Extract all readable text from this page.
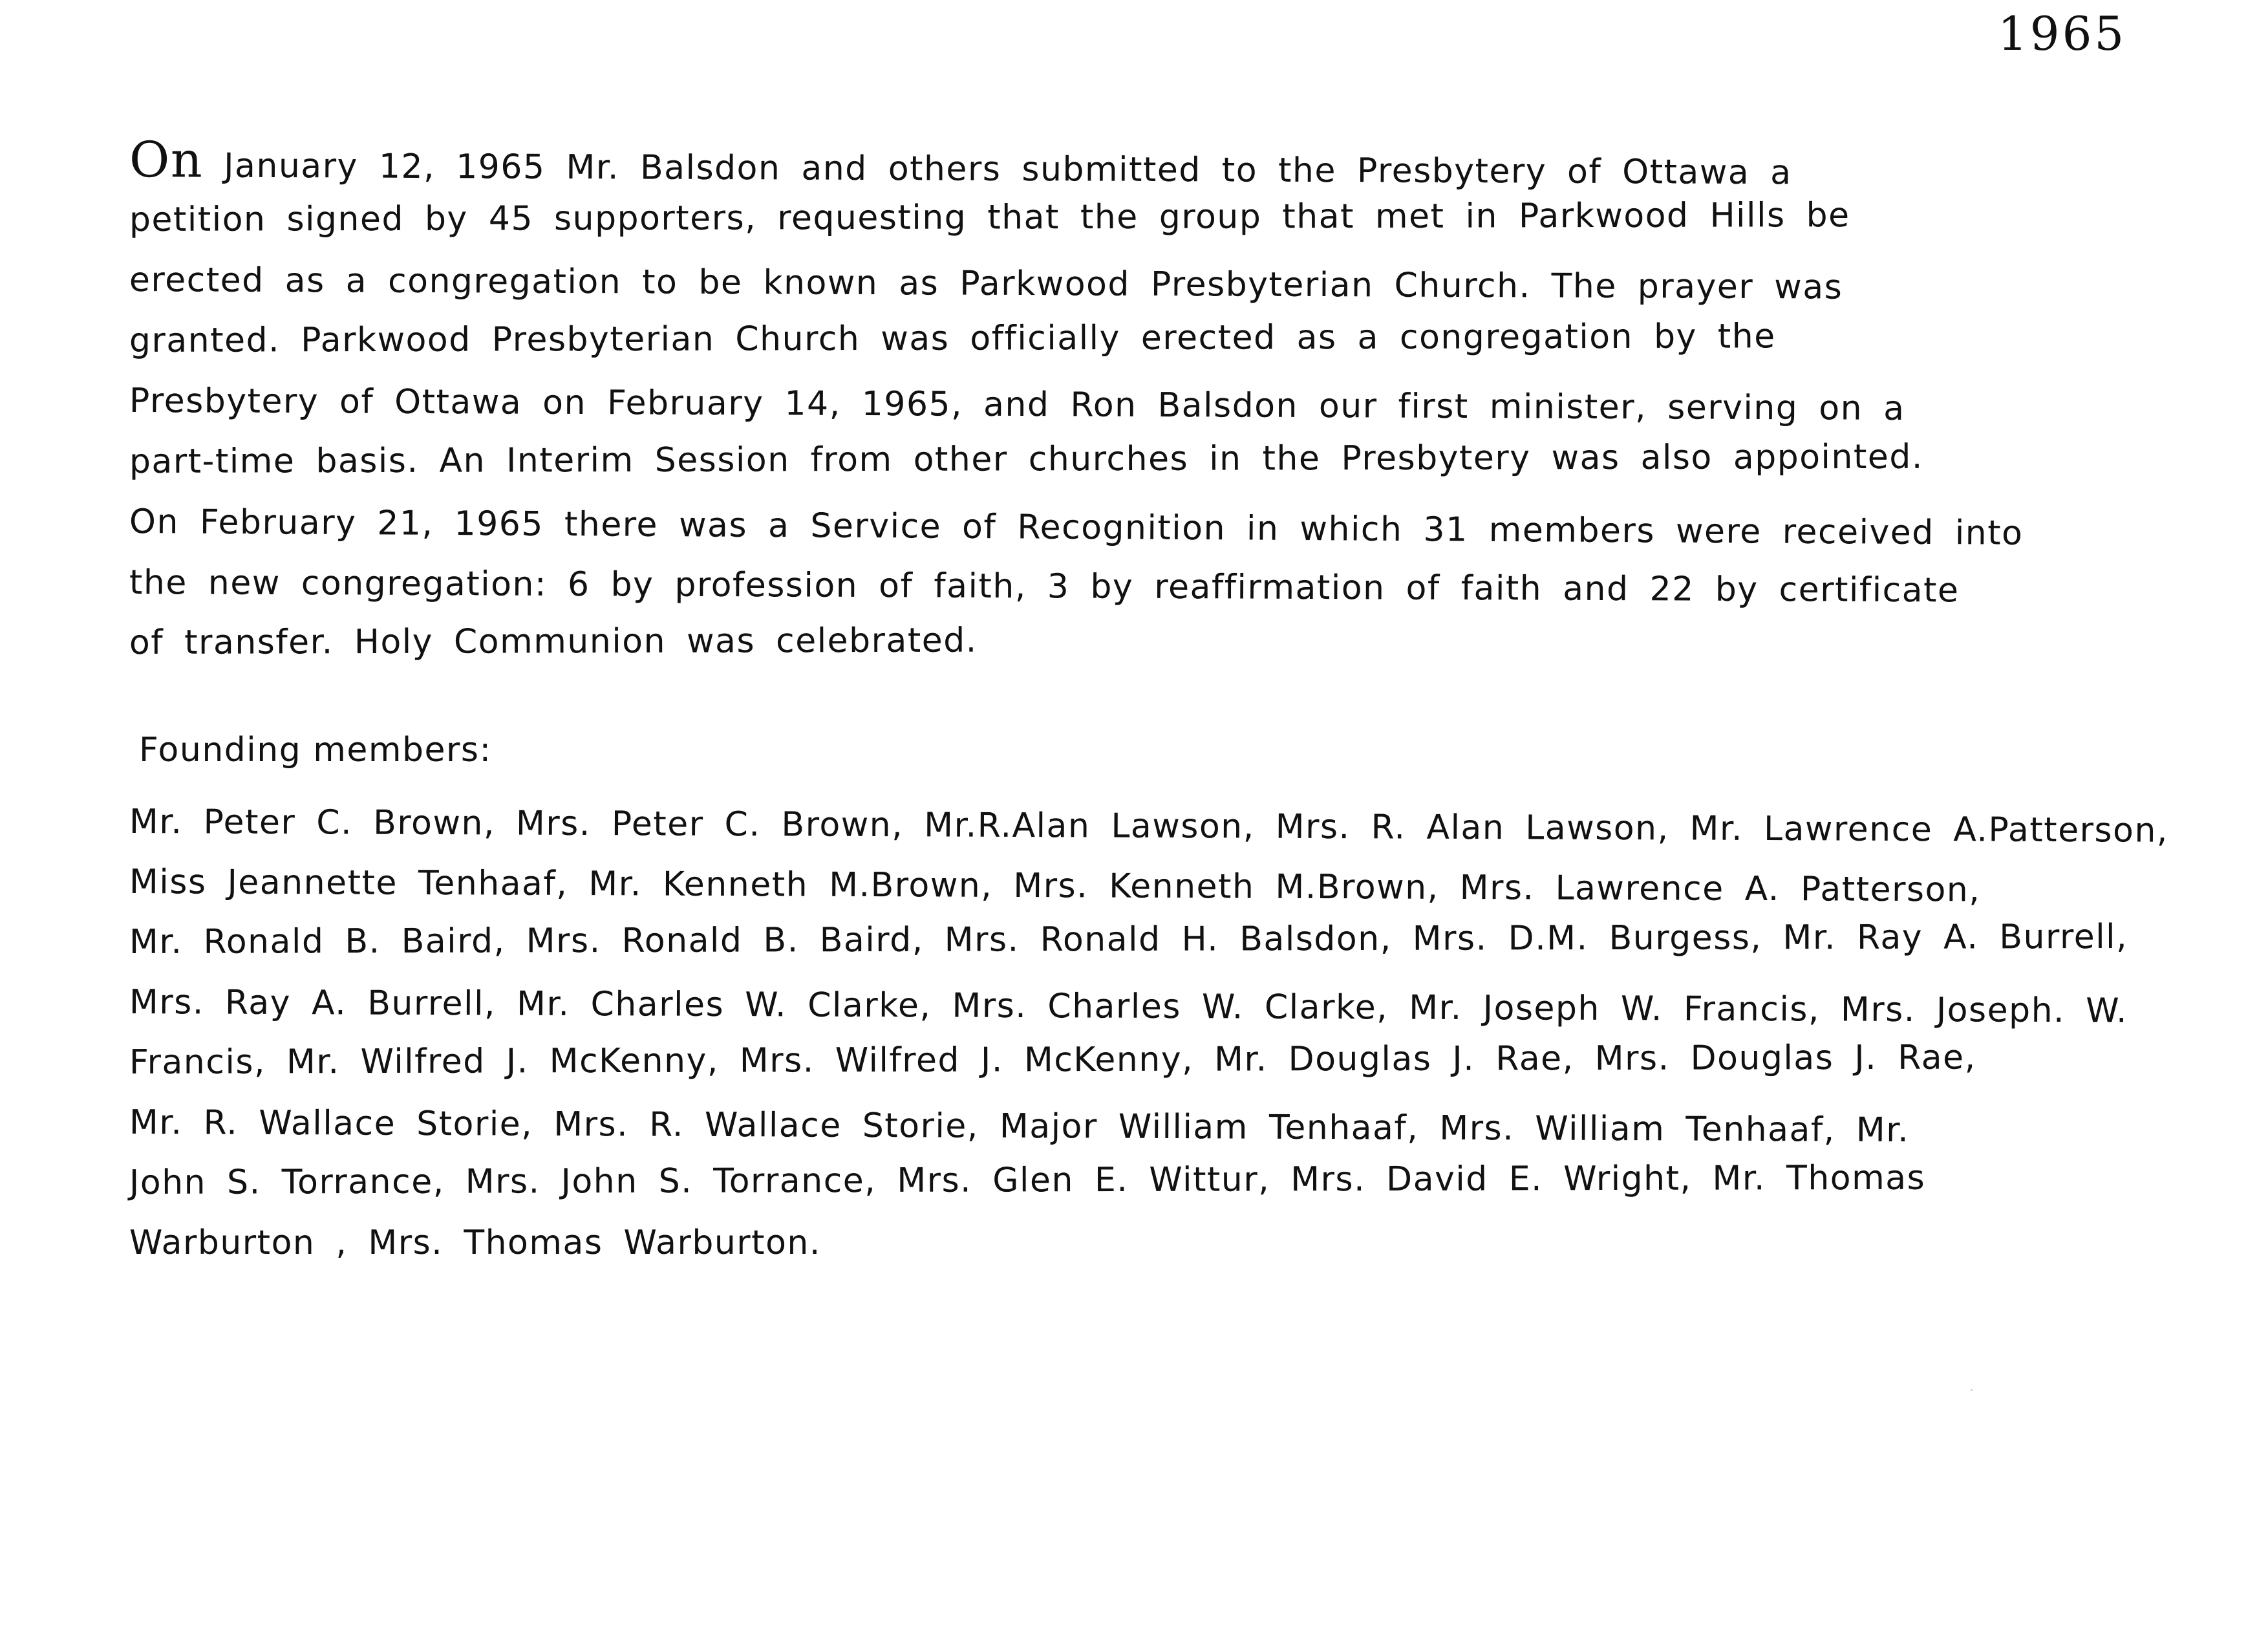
1965
On January 12, 1965 Mr. Balsdon and others submitted to the Presbytery of Ottawa a
petition signed by 45 supporters, requesting that the group that met in Parkwood Hills be
erected as a congregation to be known as Parkwood Presbyterian Church. The prayer was
granted. Parkwood Presbyterian Church was officially erected as a congregation by the
Presbytery of Ottawa on February 14, 1965, and Ron Balsdon our first minister, serving on a
part-time basis. An Interim Session from other churches in the Presbytery was also appointed.
On February 21, 1965 there was a Service of Recognition in which 31 members were received into
the new congregation: 6 by profession of faith, 3 by reaffirmation of faith and 22 by certificate
of transfer. Holy Communion was celebrated.
Founding members:
Mr. Peter C. Brown, Mrs. Peter C. Brown, Mr.R.Alan Lawson, Mrs. R. Alan Lawson, Mr. Lawrence A.Patterson,
Miss Jeannette Tenhaaf, Mr. Kenneth M.Brown, Mrs. Kenneth M.Brown, Mrs. Lawrence A. Patterson,
Mr. Ronald B. Baird, Mrs. Ronald B. Baird, Mrs. Ronald H. Balsdon, Mrs. D.M. Burgess, Mr. Ray A. Burrell,
Mrs. Ray A. Burrell, Mr. Charles W. Clarke, Mrs. Charles W. Clarke, Mr. Joseph W. Francis, Mrs. Joseph. W.
Francis, Mr. Wilfred J. McKenny, Mrs. Wilfred J. McKenny, Mr. Douglas J. Rae, Mrs. Douglas J. Rae,
Mr. R. Wallace Storie, Mrs. R. Wallace Storie, Major William Tenhaaf, Mrs. William Tenhaaf, Mr.
John S. Torrance, Mrs. John S. Torrance, Mrs. Glen E. Wittur, Mrs. David E. Wright, Mr. Thomas
Warburton , Mrs. Thomas Warburton.
